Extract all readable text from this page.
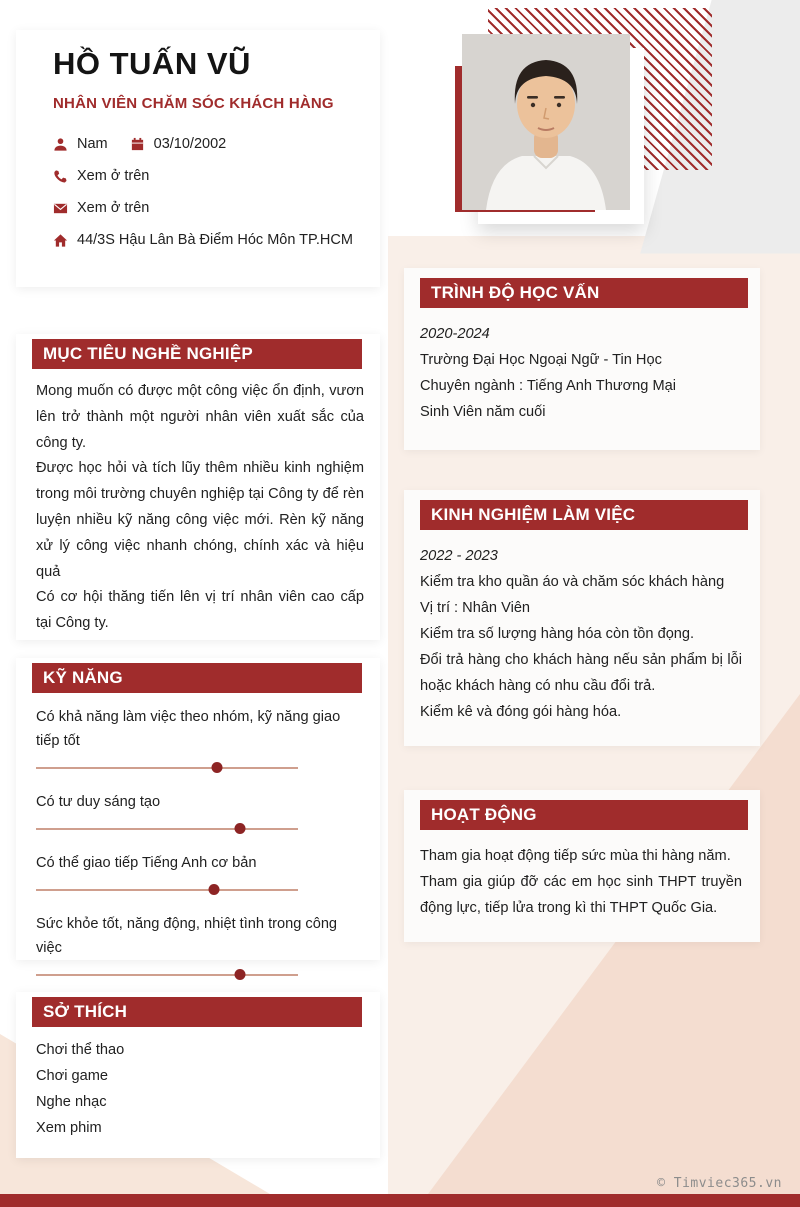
HỒ TUẤN VŨ
NHÂN VIÊN CHĂM SÓC KHÁCH HÀNG
Nam	03/10/2002
Xem ở trên
Xem ở trên
44/3S Hậu Lân Bà Điểm Hóc Môn TP.HCM
MỤC TIÊU NGHỀ NGHIỆP

Mong muốn có được một công việc ổn định, vươn lên trở thành một người nhân viên xuất sắc của công ty.

Được học hỏi và tích lũy thêm nhiều kinh nghiệm trong môi trường chuyên nghiệp tại Công ty để rèn luyện nhiều kỹ năng công việc mới. Rèn kỹ năng xử lý công việc nhanh chóng, chính xác và hiệu quả

Có cơ hội thăng tiến lên vị trí nhân viên cao cấp tại Công ty.

KỸ NĂNG
Có khả năng làm việc theo nhóm, kỹ năng giao tiếp tốt
Có tư duy sáng tạo
Có thể giao tiếp Tiếng Anh cơ bản
Sức khỏe tốt, năng động, nhiệt tình trong công việc
SỞ THÍCH
Chơi thể thao
Chơi game
Nghe nhạc
Xem phim
TRÌNH ĐỘ HỌC VẤN

2020-2024

Trường Đại Học Ngoại Ngữ - Tin Học

Chuyên ngành : Tiếng Anh Thương Mại

Sinh Viên năm cuối

KINH NGHIỆM LÀM VIỆC

2022 - 2023

Kiểm tra kho quần áo và chăm sóc khách hàng

Vị trí : Nhân Viên

Kiểm tra số lượng hàng hóa còn tồn đọng.

Đổi trả hàng cho khách hàng nếu sản phẩm bị lỗi hoặc khách hàng có nhu cầu đổi trả.

Kiểm kê và đóng gói hàng hóa.

HOẠT ĐỘNG

Tham gia hoạt động tiếp sức mùa thi hàng năm.

Tham gia giúp đỡ các em học sinh THPT truyền động lực, tiếp lửa trong kì thi THPT Quốc Gia.

© Timviec365.vn
